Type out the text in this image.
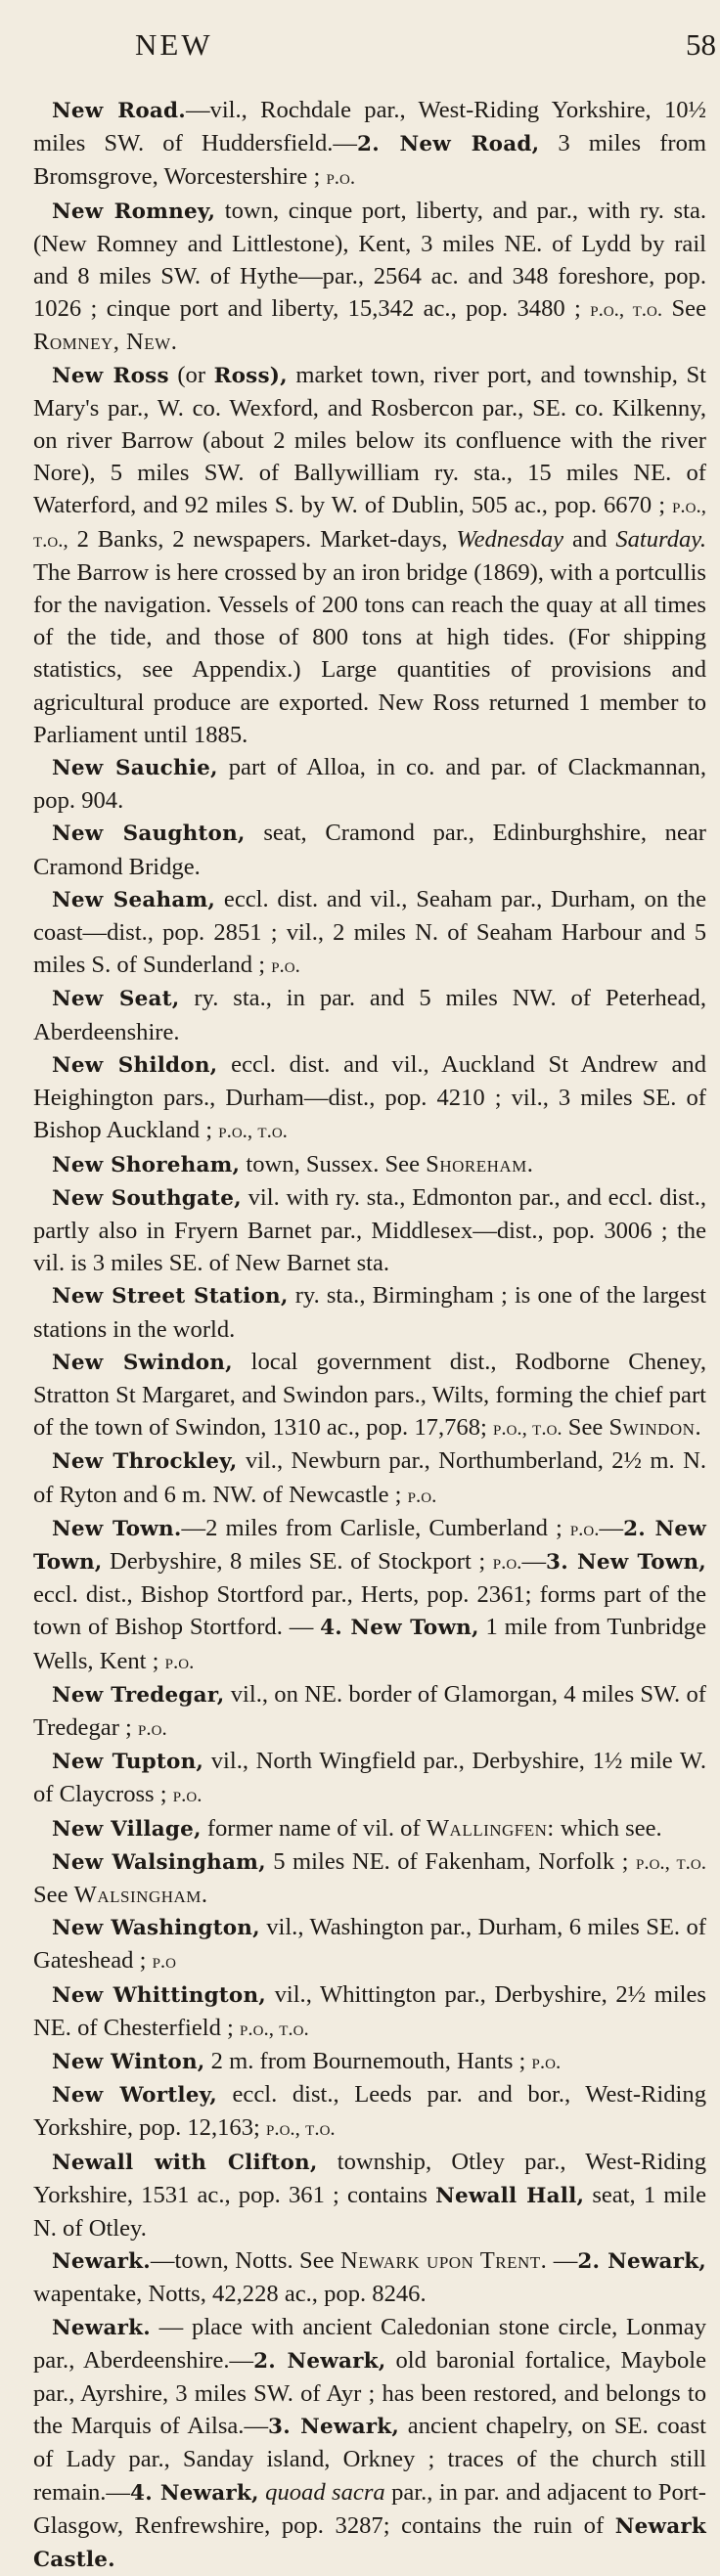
NEW	58

New Road.—vil., Rochdale par., West-Riding Yorkshire, 10½ miles SW. of Huddersfield.—2. New Road, 3 miles from Bromsgrove, Worcestershire ; p.o.

New Romney, town, cinque port, liberty, and par., with ry. sta. (New Romney and Littlestone), Kent, 3 miles NE. of Lydd by rail and 8 miles SW. of Hythe—par., 2564 ac. and 348 foreshore, pop. 1026 ; cinque port and liberty, 15,342 ac., pop. 3480 ; p.o., t.o. See Romney, New.

New Ross (or Ross), market town, river port, and township, St Mary's par., W. co. Wexford, and Rosbercon par., SE. co. Kilkenny, on river Barrow (about 2 miles below its confluence with the river Nore), 5 miles SW. of Ballywilliam ry. sta., 15 miles NE. of Waterford, and 92 miles S. by W. of Dublin, 505 ac., pop. 6670 ; p.o., t.o., 2 Banks, 2 newspapers. Market-days, Wednesday and Saturday. The Barrow is here crossed by an iron bridge (1869), with a portcullis for the navigation. Vessels of 200 tons can reach the quay at all times of the tide, and those of 800 tons at high tides. (For shipping statistics, see Appendix.) Large quantities of provisions and agricultural produce are exported. New Ross returned 1 member to Parliament until 1885.

New Sauchie, part of Alloa, in co. and par. of Clackmannan, pop. 904.

New Saughton, seat, Cramond par., Edinburghshire, near Cramond Bridge.

New Seaham, eccl. dist. and vil., Seaham par., Durham, on the coast—dist., pop. 2851 ; vil., 2 miles N. of Seaham Harbour and 5 miles S. of Sunderland ; p.o.

New Seat, ry. sta., in par. and 5 miles NW. of Peterhead, Aberdeenshire.

New Shildon, eccl. dist. and vil., Auckland St Andrew and Heighington pars., Durham—dist., pop. 4210 ; vil., 3 miles SE. of Bishop Auckland ; p.o., t.o.

New Shoreham, town, Sussex. See Shoreham.

New Southgate, vil. with ry. sta., Edmonton par., and eccl. dist., partly also in Fryern Barnet par., Middlesex—dist., pop. 3006 ; the vil. is 3 miles SE. of New Barnet sta.

New Street Station, ry. sta., Birmingham ; is one of the largest stations in the world.

New Swindon, local government dist., Rodborne Cheney, Stratton St Margaret, and Swindon pars., Wilts, forming the chief part of the town of Swindon, 1310 ac., pop. 17,768; p.o., t.o. See Swindon.

New Throckley, vil., Newburn par., Northumberland, 2½ m. N. of Ryton and 6 m. NW. of Newcastle ; p.o.

New Town.—2 miles from Carlisle, Cumberland ; p.o.—2. New Town, Derbyshire, 8 miles SE. of Stockport ; p.o.—3. New Town, eccl. dist., Bishop Stortford par., Herts, pop. 2361; forms part of the town of Bishop Stortford. — 4. New Town, 1 mile from Tunbridge Wells, Kent ; p.o.

New Tredegar, vil., on NE. border of Glamorgan, 4 miles SW. of Tredegar ; p.o.

New Tupton, vil., North Wingfield par., Derbyshire, 1½ mile W. of Claycross ; p.o.

New Village, former name of vil. of Wallingfen: which see.

New Walsingham, 5 miles NE. of Fakenham, Norfolk ; p.o., t.o. See Walsingham.

New Washington, vil., Washington par., Durham, 6 miles SE. of Gateshead ; p.o

New Whittington, vil., Whittington par., Derbyshire, 2½ miles NE. of Chesterfield ; p.o., t.o.

New Winton, 2 m. from Bournemouth, Hants ; p.o.

New Wortley, eccl. dist., Leeds par. and bor., West-Riding Yorkshire, pop. 12,163; p.o., t.o.

Newall with Clifton, township, Otley par., West-Riding Yorkshire, 1531 ac., pop. 361 ; contains Newall Hall, seat, 1 mile N. of Otley.

Newark.—town, Notts. See Newark upon Trent. —2. Newark, wapentake, Notts, 42,228 ac., pop. 8246.

Newark. — place with ancient Caledonian stone circle, Lonmay par., Aberdeenshire.—2. Newark, old baronial fortalice, Maybole par., Ayrshire, 3 miles SW. of Ayr ; has been restored, and belongs to the Marquis of Ailsa.—3. Newark, ancient chapelry, on SE. coast of Lady par., Sanday island, Orkney ; traces of the church still remain.—4. Newark, quoad sacra par., in par. and adjacent to Port-Glasgow, Renfrewshire, pop. 3287; contains the ruin of Newark Castle.
